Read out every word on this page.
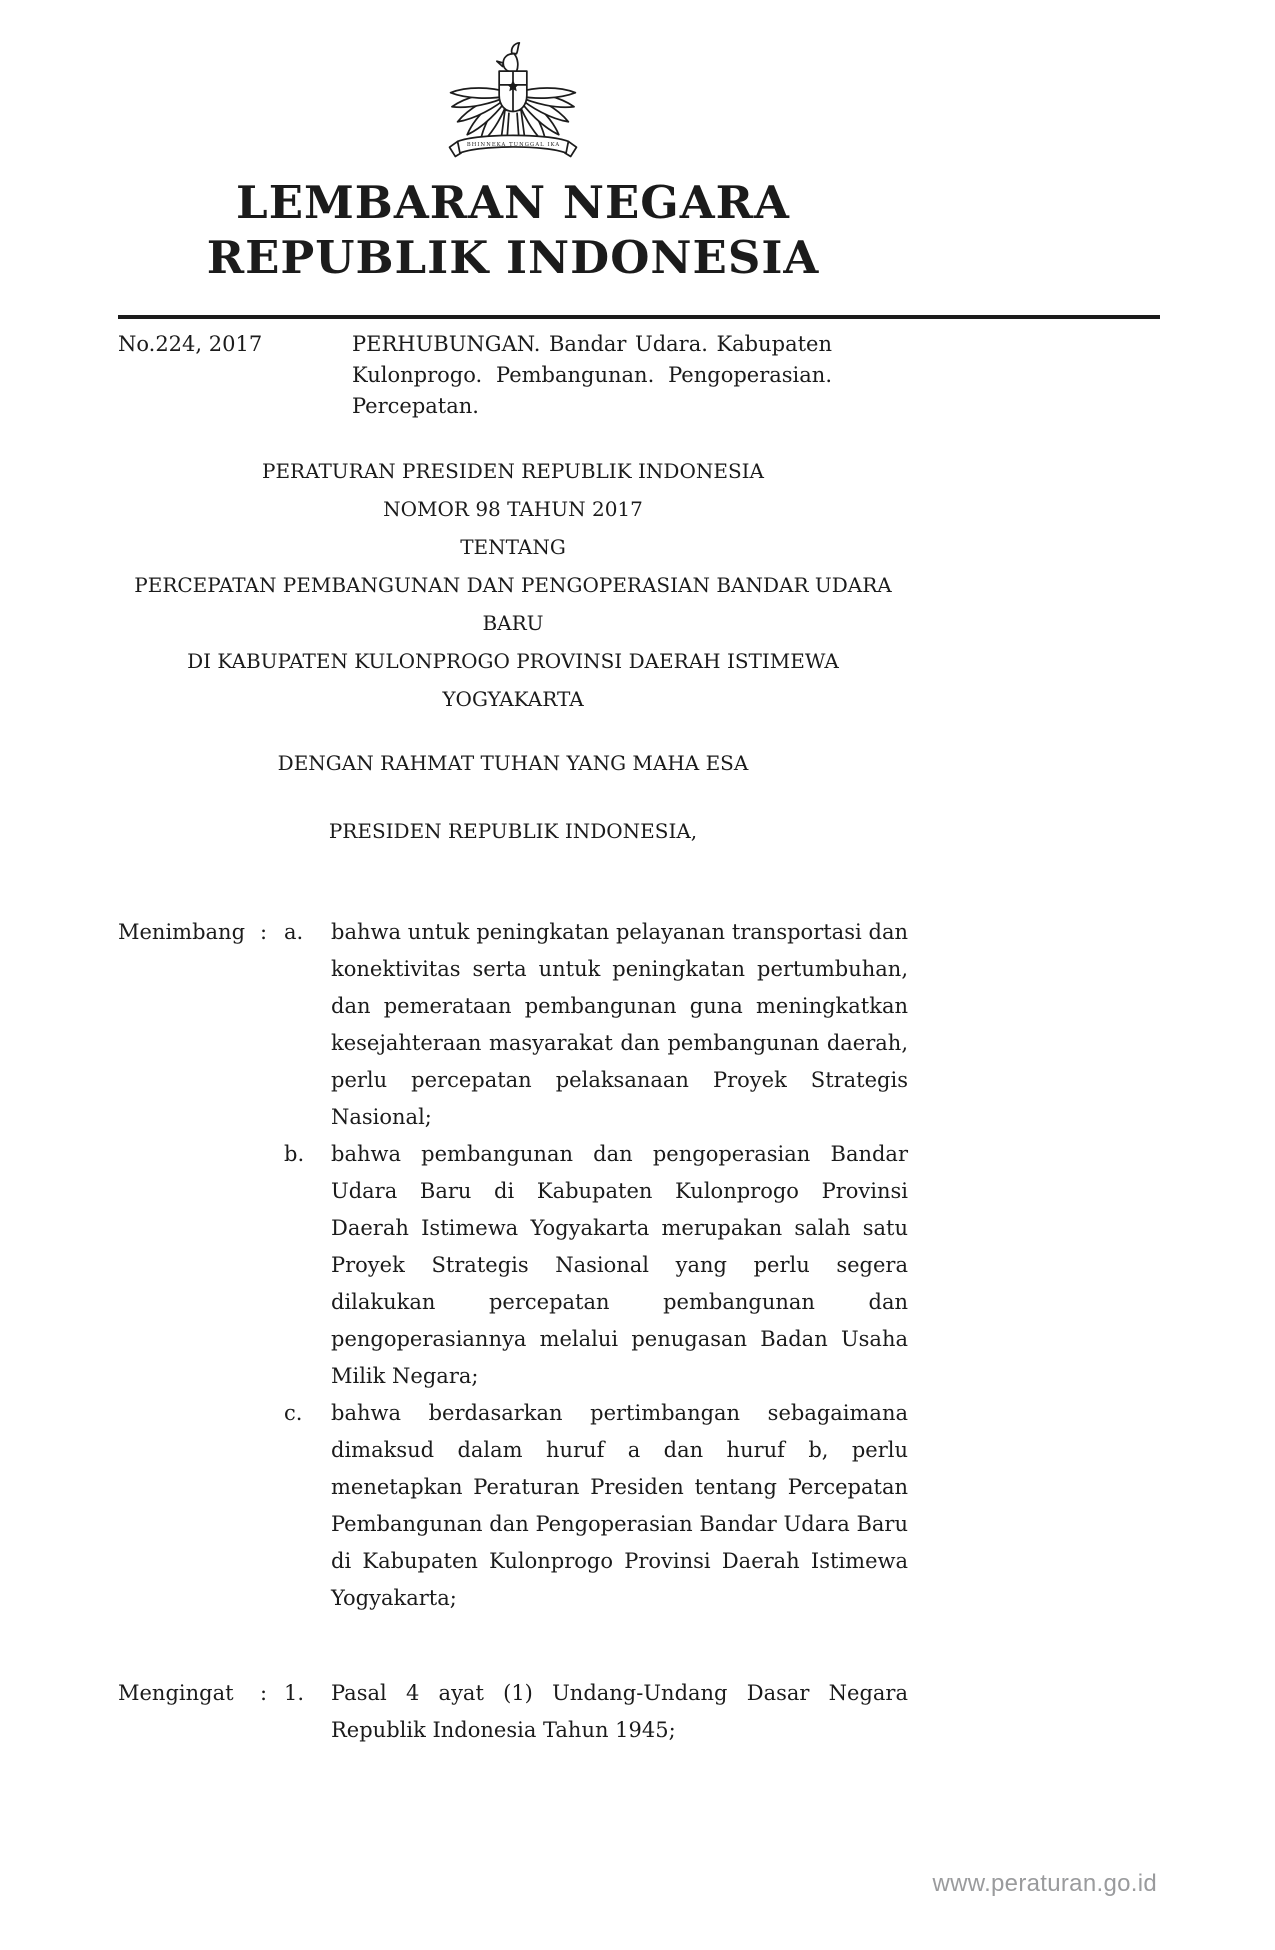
BHINNEKA TUNGGAL IKA
LEMBARAN NEGARA
REPUBLIK INDONESIA
No.224, 2017	PERHUBUNGAN. Bandar Udara. Kabupaten Kulonprogo. Pembangunan. Pengoperasian. Percepatan.

PERATURAN PRESIDEN REPUBLIK INDONESIA
NOMOR 98 TAHUN 2017
TENTANG
PERCEPATAN PEMBANGUNAN DAN PENGOPERASIAN BANDAR UDARA BARU
DI KABUPATEN KULONPROGO PROVINSI DAERAH ISTIMEWA YOGYAKARTA
DENGAN RAHMAT TUHAN YANG MAHA ESA
PRESIDEN REPUBLIK INDONESIA,
Menimbang : a.	bahwa untuk peningkatan pelayanan transportasi dan konektivitas serta untuk peningkatan pertumbuhan, dan pemerataan pembangunan guna meningkatkan kesejahteraan masyarakat dan pembangunan daerah, perlu percepatan pelaksanaan Proyek Strategis Nasional;

b.	bahwa pembangunan dan pengoperasian Bandar Udara Baru di Kabupaten Kulonprogo Provinsi Daerah Istimewa Yogyakarta merupakan salah satu Proyek Strategis Nasional yang perlu segera dilakukan percepatan pembangunan dan pengoperasiannya melalui penugasan Badan Usaha Milik Negara;

c.	bahwa berdasarkan pertimbangan sebagaimana dimaksud dalam huruf a dan huruf b, perlu menetapkan Peraturan Presiden tentang Percepatan Pembangunan dan Pengoperasian Bandar Udara Baru di Kabupaten Kulonprogo Provinsi Daerah Istimewa Yogyakarta;

Mengingat	: 1.	Pasal 4 ayat (1) Undang-Undang Dasar Negara Republik Indonesia Tahun 1945;

www.peraturan.go.id
